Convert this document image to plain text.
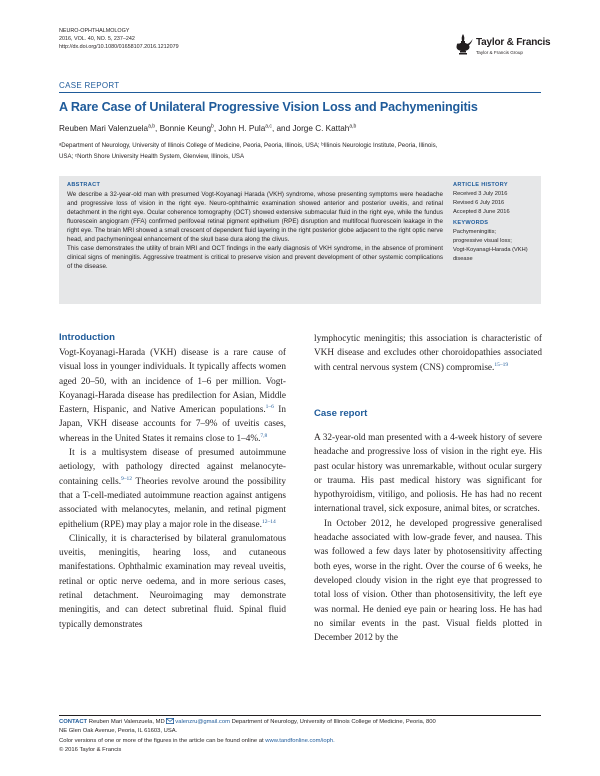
NEURO-OPHTHALMOLOGY
2016, VOL. 40, NO. 5, 237–242
http://dx.doi.org/10.1080/01658107.2016.1212079	Taylor & Francis
Taylor & Francis Group
CASE REPORT
A Rare Case of Unilateral Progressive Vision Loss and Pachymeningitis
Reuben Mari Valenzuela$^{a,b}$, Bonnie Keung$^b$, John H. Pula$^{a,c}$, and Jorge C. Kattah$^{a,b}$
ᵃDepartment of Neurology, University of Illinois College of Medicine, Peoria, Peoria, Illinois, USA; ᵇIllinois Neurologic Institute, Peoria, Illinois,
USA; ᶜNorth Shore University Health System, Glenview, Illinois, USA
ABSTRACT

We describe a 32-year-old man with presumed Vogt-Koyanagi Harada (VKH) syndrome, whose presenting symptoms were headache and progressive loss of vision in the right eye. Neuro-ophthalmic examination showed anterior and posterior uveitis, and retinal detachment in the right eye. Ocular coherence tomography (OCT) showed extensive submacular fluid in the right eye, while the fundus fluorescein angiogram (FFA) confirmed perifoveal retinal pigment epithelium (RPE) disruption and multifocal fluorescein leakage in the right eye. The brain MRI showed a small crescent of dependent fluid layering in the right posterior globe adjacent to the right optic nerve head, and pachymeningeal enhancement of the skull base dura along the clivus.

This case demonstrates the utility of brain MRI and OCT findings in the early diagnosis of VKH syndrome, in the absence of prominent clinical signs of meningitis. Aggressive treatment is critical to preserve vision and prevent development of other systemic complications of the disease.

ARTICLE HISTORY
Received 3 July 2016
Revised 6 July 2016
Accepted 8 June 2016
KEYWORDS
Pachymeningitis;
progressive visual loss;
Vogt-Koyanagi-Harada (VKH)
disease
Introduction

Vogt-Koyanagi-Harada (VKH) disease is a rare cause of visual loss in younger individuals. It typically affects women aged 20–50, with an incidence of 1–6 per million. Vogt-Koyanagi-Harada disease has predilection for Asian, Middle Eastern, Hispanic, and Native American populations.$^{1-6}$ In Japan, VKH disease accounts for 7–9% of uveitis cases, whereas in the United States it remains close to 1–4%.$^{7,8}$

It is a multisystem disease of presumed autoimmune aetiology, with pathology directed against melanocyte-containing cells.$^{9-12}$ Theories revolve around the possibility that a T-cell-mediated autoimmune reaction against antigens associated with melanocytes, melanin, and retinal pigment epithelium (RPE) may play a major role in the disease.$^{12-14}$

Clinically, it is characterised by bilateral granulomatous uveitis, meningitis, hearing loss, and cutaneous manifestations. Ophthalmic examination may reveal uveitis, retinal or optic nerve oedema, and in more serious cases, retinal detachment. Neuroimaging may demonstrate meningitis, and can detect subretinal fluid. Spinal fluid typically demonstrates

lymphocytic meningitis; this association is characteristic of VKH disease and excludes other choroidopathies associated with central nervous system (CNS) compromise.$^{15-19}$

Case report

A 32-year-old man presented with a 4-week history of severe headache and progressive loss of vision in the right eye. His past ocular history was unremarkable, without ocular surgery or trauma. His past medical history was significant for hypothyroidism, vitiligo, and poliosis. He has had no recent international travel, sick exposure, animal bites, or scratches.

In October 2012, he developed progressive generalised headache associated with low-grade fever, and nausea. This was followed a few days later by photosensitivity affecting both eyes, worse in the right. Over the course of 6 weeks, he developed cloudy vision in the right eye that progressed to total loss of vision. Other than photosensitivity, the left eye was normal. He denied eye pain or hearing loss. He has had no similar events in the past. Visual fields plotted in December 2012 by the

CONTACT Reuben Mari Valenzuela, MD valenzru@gmail.com Department of Neurology, University of Illinois College of Medicine, Peoria, 800
NE Glen Oak Avenue, Peoria, IL 61603, USA.
Color versions of one or more of the figures in the article can be found online at www.tandfonline.com/ioph.
© 2016 Taylor & Francis
